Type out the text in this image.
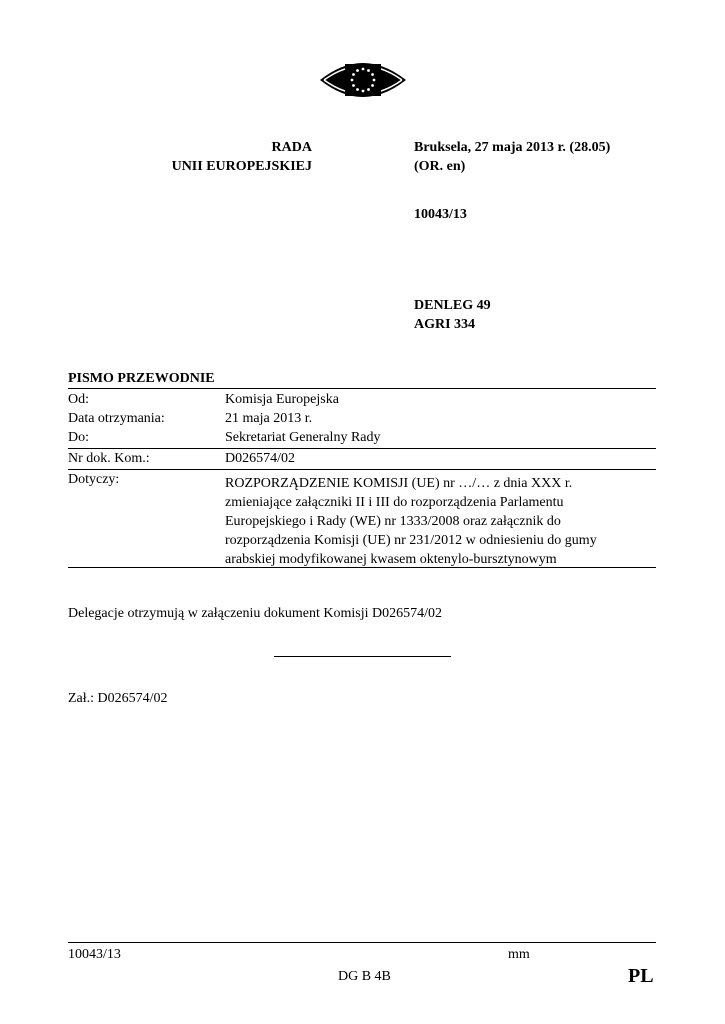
RADA
UNII EUROPEJSKIEJ
Bruksela, 27 maja 2013 r. (28.05)
(OR. en)
10043/13
DENLEG 49
AGRI 334
PISMO PRZEWODNIE
Od:	Komisja Europejska
Data otrzymania:	21 maja 2013 r.
Do:	Sekretariat Generalny Rady
Nr dok. Kom.:	D026574/02
Dotyczy:	ROZPORZĄDZENIE KOMISJI (UE) nr …/… z dnia XXX r.
zmieniające załączniki II i III do rozporządzenia Parlamentu
Europejskiego i Rady (WE) nr 1333/2008 oraz załącznik do
rozporządzenia Komisji (UE) nr 231/2012 w odniesieniu do gumy
arabskiej modyfikowanej kwasem oktenylo-bursztynowym
Delegacje otrzymują w załączeniu dokument Komisji D026574/02
Zał.: D026574/02
10043/13	mm
DG B 4B	PL
